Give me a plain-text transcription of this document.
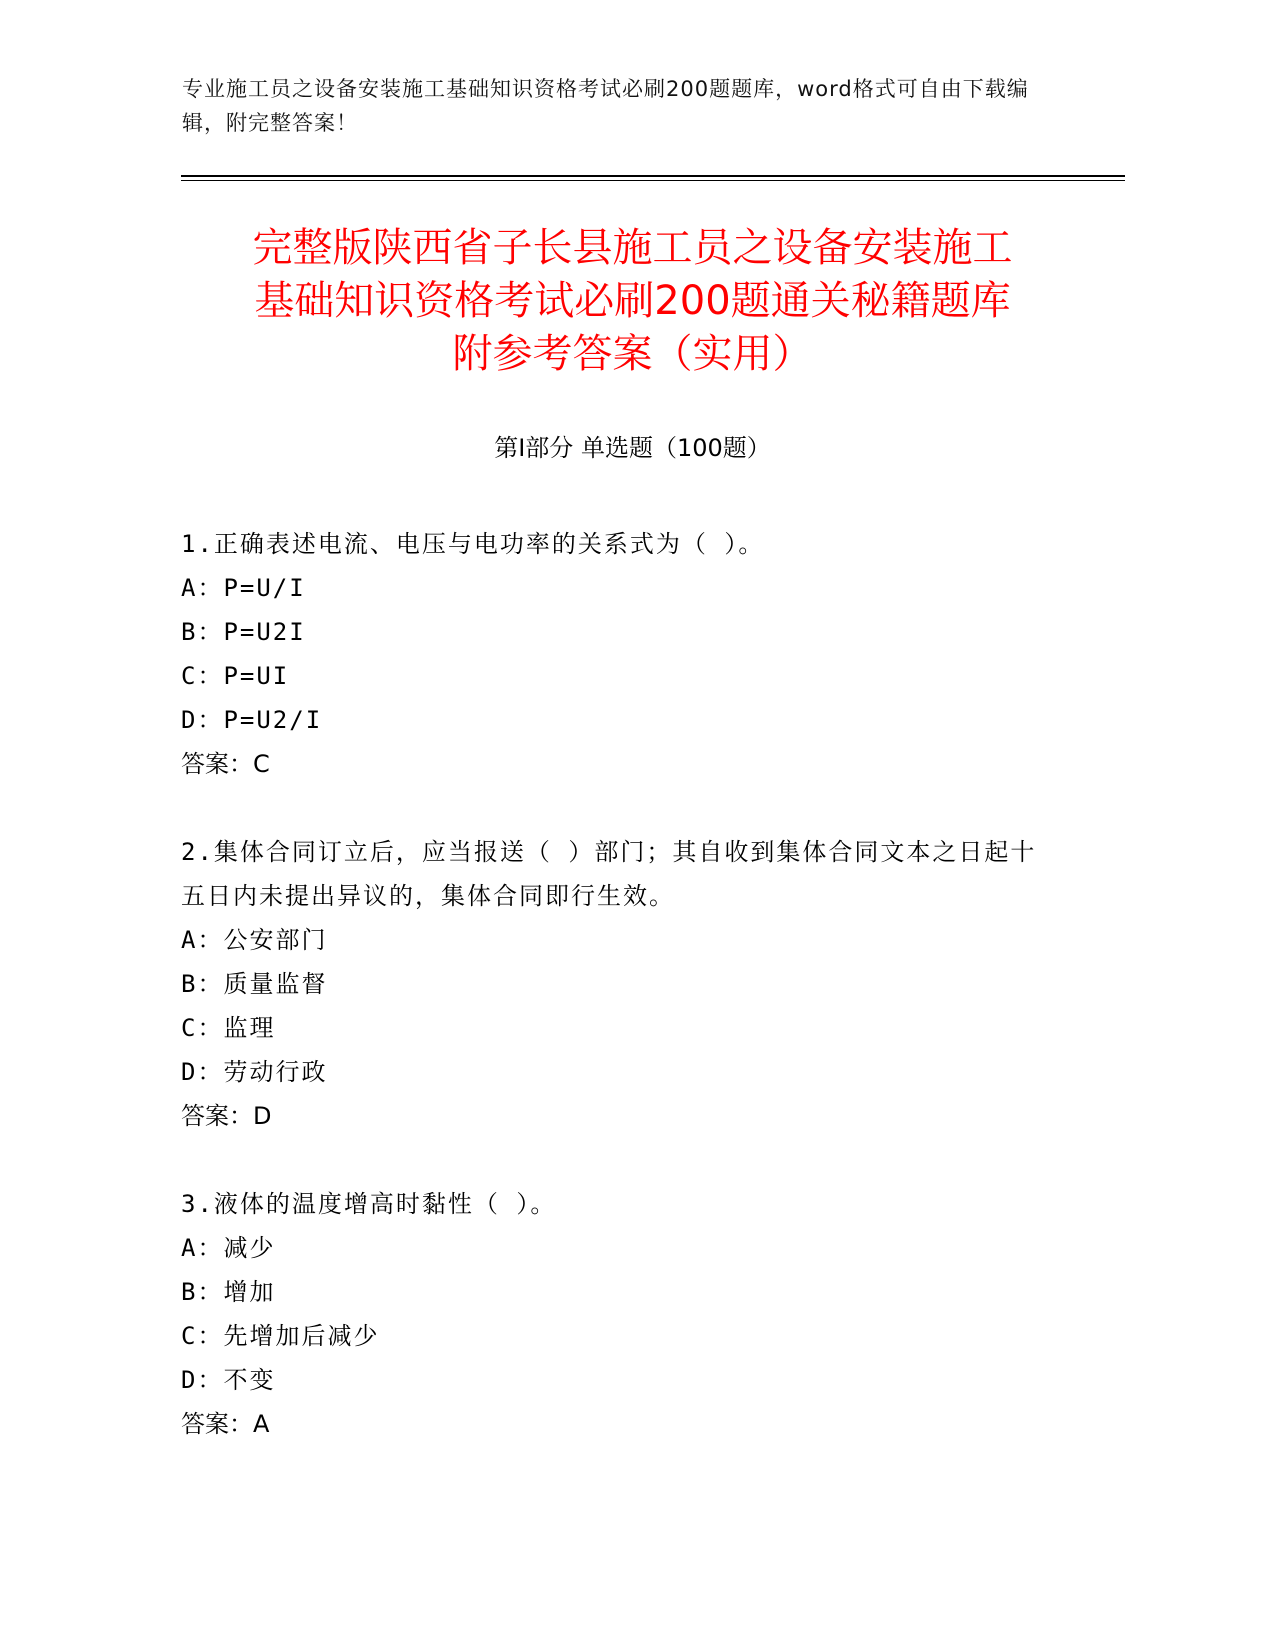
专业施工员之设备安装施工基础知识资格考试必刷200题题库，word格式可自由下载编辑，附完整答案！
完整版陕西省子长县施工员之设备安装施工
基础知识资格考试必刷200题通关秘籍题库
附参考答案（实用）
第Ⅰ部分 单选题（100题）

1.正确表述电流、电压与电功率的关系式为（ ）。

A：P=U/I

B：P=U2I

C：P=UI

D：P=U2/I

答案：C

2.集体合同订立后，应当报送（ ）部门；其自收到集体合同文本之日起十五日内未提出异议的，集体合同即行生效。

A：公安部门

B：质量监督

C：监理

D：劳动行政

答案：D

3.液体的温度增高时黏性（ ）。

A：减少

B：增加

C：先增加后减少

D：不变

答案：A
